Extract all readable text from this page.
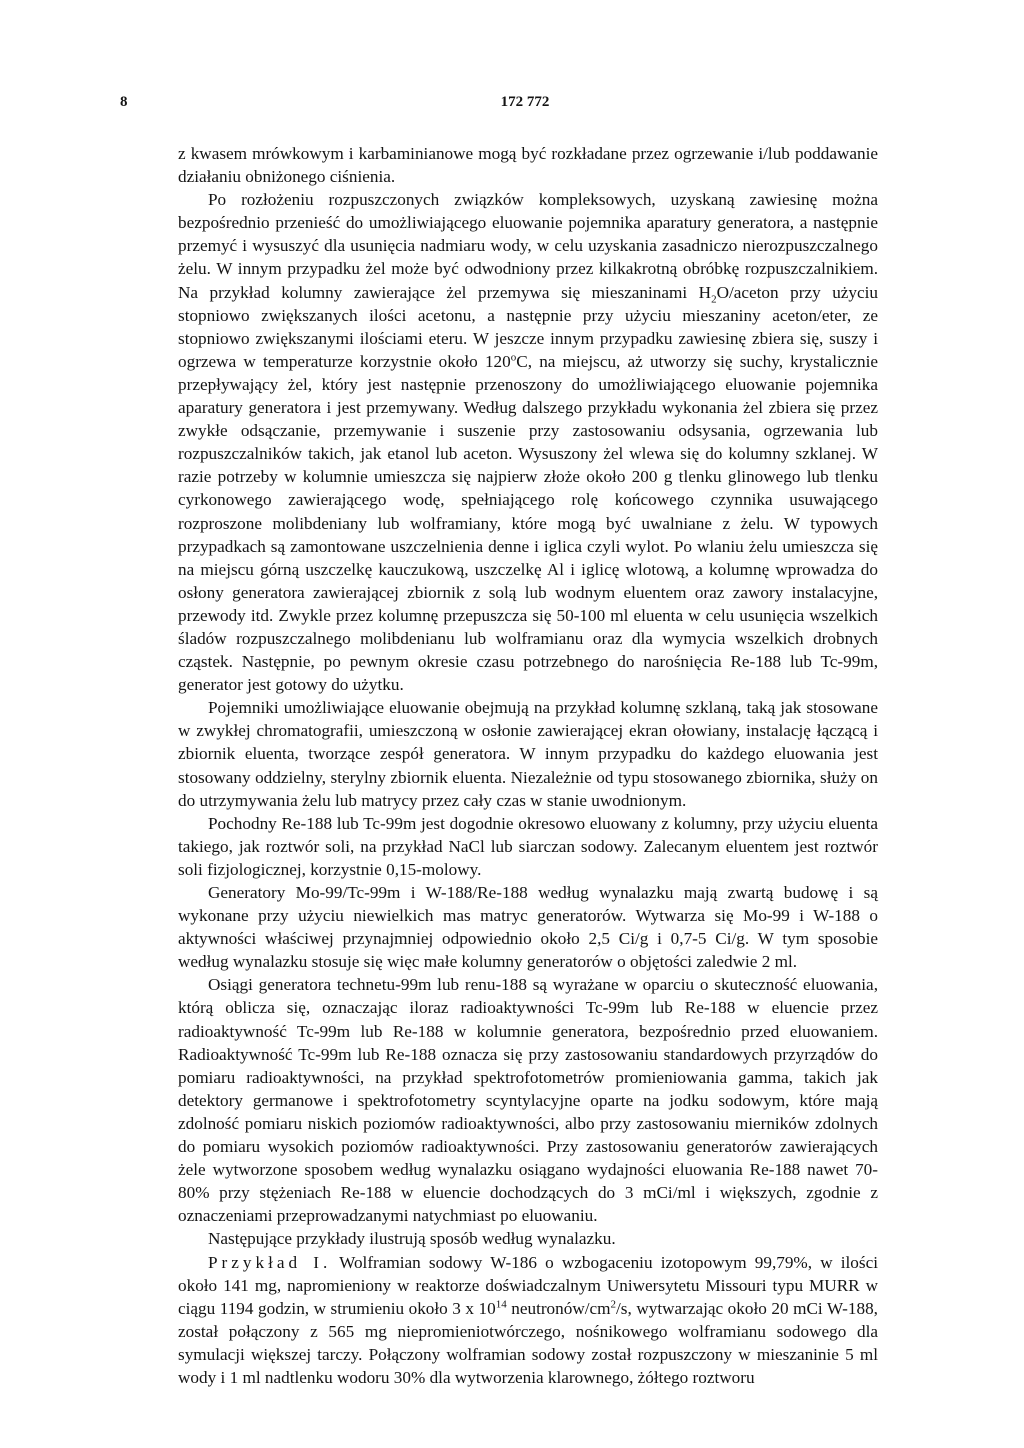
8	172 772

z kwasem mrówkowym i karbaminianowe mogą być rozkładane przez ogrzewanie i/lub poddawanie działaniu obniżonego ciśnienia.

Po rozłożeniu rozpuszczonych związków kompleksowych, uzyskaną zawiesinę można bezpośrednio przenieść do umożliwiającego eluowanie pojemnika aparatury generatora, a następnie przemyć i wysuszyć dla usunięcia nadmiaru wody, w celu uzyskania zasadniczo nierozpuszczalnego żelu. W innym przypadku żel może być odwodniony przez kilkakrotną obróbkę rozpuszczalnikiem. Na przykład kolumny zawierające żel przemywa się mieszaninami $H_2O$/aceton przy użyciu stopniowo zwiększanych ilości acetonu, a następnie przy użyciu mieszaniny aceton/eter, ze stopniowo zwiększanymi ilościami eteru. W jeszcze innym przypadku zawiesinę zbiera się, suszy i ogrzewa w temperaturze korzystnie około 120$^o$C, na miejscu, aż utworzy się suchy, krystalicznie przepływający żel, który jest następnie przenoszony do umożliwiającego eluowanie pojemnika aparatury generatora i jest przemywany. Według dalszego przykładu wykonania żel zbiera się przez zwykłe odsączanie, przemywanie i suszenie przy zastosowaniu odsysania, ogrzewania lub rozpuszczalników takich, jak etanol lub aceton. Wysuszony żel wlewa się do kolumny szklanej. W razie potrzeby w kolumnie umieszcza się najpierw złoże około 200 g tlenku glinowego lub tlenku cyrkonowego zawierającego wodę, spełniającego rolę końcowego czynnika usuwającego rozproszone molibdeniany lub wolframiany, które mogą być uwalniane z żelu. W typowych przypadkach są zamontowane uszczelnienia denne i iglica czyli wylot. Po wlaniu żelu umieszcza się na miejscu górną uszczelkę kauczukową, uszczelkę Al i iglicę wlotową, a kolumnę wprowadza do osłony generatora zawierającej zbiornik z solą lub wodnym eluentem oraz zawory instalacyjne, przewody itd. Zwykle przez kolumnę przepuszcza się 50-100 ml eluenta w celu usunięcia wszelkich śladów rozpuszczalnego molibdenianu lub wolframianu oraz dla wymycia wszelkich drobnych cząstek. Następnie, po pewnym okresie czasu potrzebnego do narośnięcia Re-188 lub Tc-99m, generator jest gotowy do użytku.

Pojemniki umożliwiające eluowanie obejmują na przykład kolumnę szklaną, taką jak stosowane w zwykłej chromatografii, umieszczoną w osłonie zawierającej ekran ołowiany, instalację łączącą i zbiornik eluenta, tworzące zespół generatora. W innym przypadku do każdego eluowania jest stosowany oddzielny, sterylny zbiornik eluenta. Niezależnie od typu stosowanego zbiornika, służy on do utrzymywania żelu lub matrycy przez cały czas w stanie uwodnionym.

Pochodny Re-188 lub Tc-99m jest dogodnie okresowo eluowany z kolumny, przy użyciu eluenta takiego, jak roztwór soli, na przykład NaCl lub siarczan sodowy. Zalecanym eluentem jest roztwór soli fizjologicznej, korzystnie 0,15-molowy.

Generatory Mo-99/Tc-99m i W-188/Re-188 według wynalazku mają zwartą budowę i są wykonane przy użyciu niewielkich mas matryc generatorów. Wytwarza się Mo-99 i W-188 o aktywności właściwej przynajmniej odpowiednio około 2,5 Ci/g i 0,7-5 Ci/g. W tym sposobie według wynalazku stosuje się więc małe kolumny generatorów o objętości zaledwie 2 ml.

Osiągi generatora technetu-99m lub renu-188 są wyrażane w oparciu o skuteczność eluowania, którą oblicza się, oznaczając iloraz radioaktywności Tc-99m lub Re-188 w eluencie przez radioaktywność Tc-99m lub Re-188 w kolumnie generatora, bezpośrednio przed eluowaniem. Radioaktywność Tc-99m lub Re-188 oznacza się przy zastosowaniu standardowych przyrządów do pomiaru radioaktywności, na przykład spektrofotometrów promieniowania gamma, takich jak detektory germanowe i spektrofotometry scyntylacyjne oparte na jodku sodowym, które mają zdolność pomiaru niskich poziomów radioaktywności, albo przy zastosowaniu mierników zdolnych do pomiaru wysokich poziomów radioaktywności. Przy zastosowaniu generatorów zawierających żele wytworzone sposobem według wynalazku osiągano wydajności eluowania Re-188 nawet 70-80% przy stężeniach Re-188 w eluencie dochodzących do 3 mCi/ml i większych, zgodnie z oznaczeniami przeprowadzanymi natychmiast po eluowaniu.

Następujące przykłady ilustrują sposób według wynalazku.

Przykład I. Wolframian sodowy W-186 o wzbogaceniu izotopowym 99,79%, w ilości około 141 mg, napromieniony w reaktorze doświadczalnym Uniwersytetu Missouri typu MURR w ciągu 1194 godzin, w strumieniu około 3 x $10^{14}$ neutronów/$cm^2/s$, wytwarzając około 20 mCi W-188, został połączony z 565 mg niepromieniotwórczego, nośnikowego wolframianu sodowego dla symulacji większej tarczy. Połączony wolframian sodowy został rozpuszczony w mieszaninie 5 ml wody i 1 ml nadtlenku wodoru 30% dla wytworzenia klarownego, żółtego roztworu
